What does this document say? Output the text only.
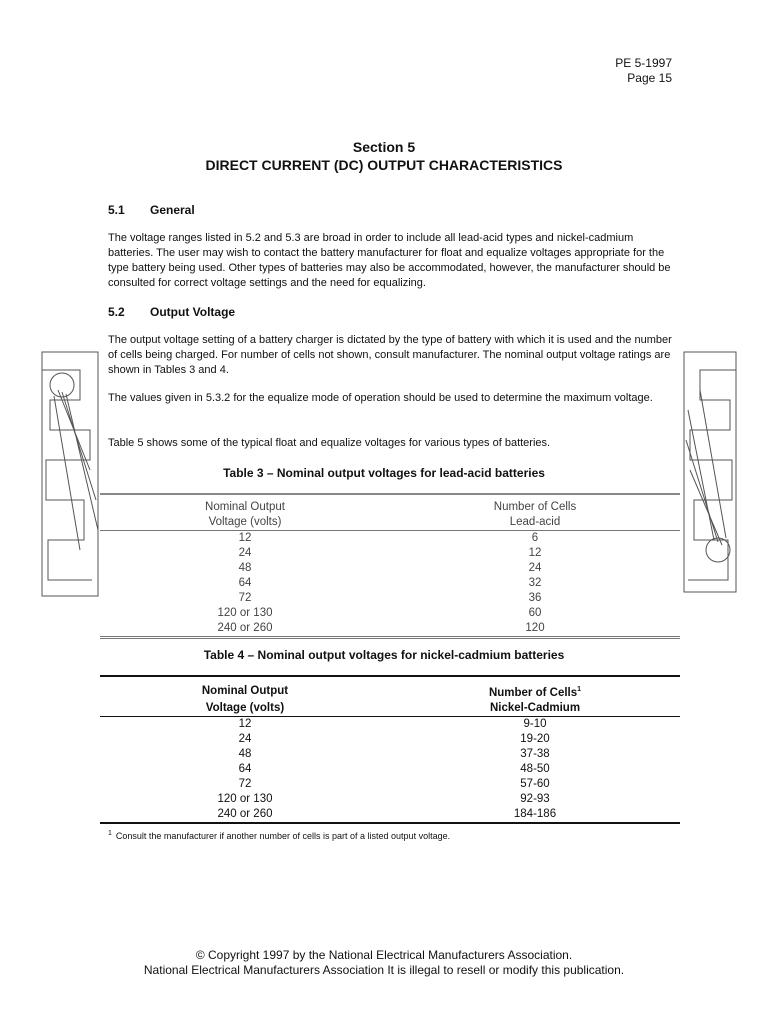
PE 5-1997
Page 15
Section 5
DIRECT CURRENT (DC) OUTPUT CHARACTERISTICS
5.1 General
The voltage ranges listed in 5.2 and 5.3 are broad in order to include all lead-acid types and nickel-cadmium batteries. The user may wish to contact the battery manufacturer for float and equalize voltages appropriate for the type battery being used. Other types of batteries may also be accommodated, however, the manufacturer should be consulted for correct voltage settings and the need for equalizing.
5.2 Output Voltage
The output voltage setting of a battery charger is dictated by the type of battery with which it is used and the number of cells being charged. For number of cells not shown, consult manufacturer. The nominal output voltage ratings are shown in Tables 3 and 4.
The values given in 5.3.2 for the equalize mode of operation should be used to determine the maximum voltage.
Table 5 shows some of the typical float and equalize voltages for various types of batteries.
Table 3 – Nominal output voltages for lead-acid batteries
Nominal Output	Number of Cells
Voltage (volts)	Lead-acid
12	6
24	12
48	24
64	32
72	36
120 or 130	60
240 or 260	120
Table 4 – Nominal output voltages for nickel-cadmium batteries
Nominal Output	Number of Cells$^1$
Voltage (volts)	Nickel-Cadmium
12	9-10
24	19-20
48	37-38
64	48-50
72	57-60
120 or 130	92-93
240 or 260	184-186
$^1$ Consult the manufacturer if another number of cells is part of a listed output voltage.
© Copyright 1997 by the National Electrical Manufacturers Association.
National Electrical Manufacturers Association It is illegal to resell or modify this publication.
